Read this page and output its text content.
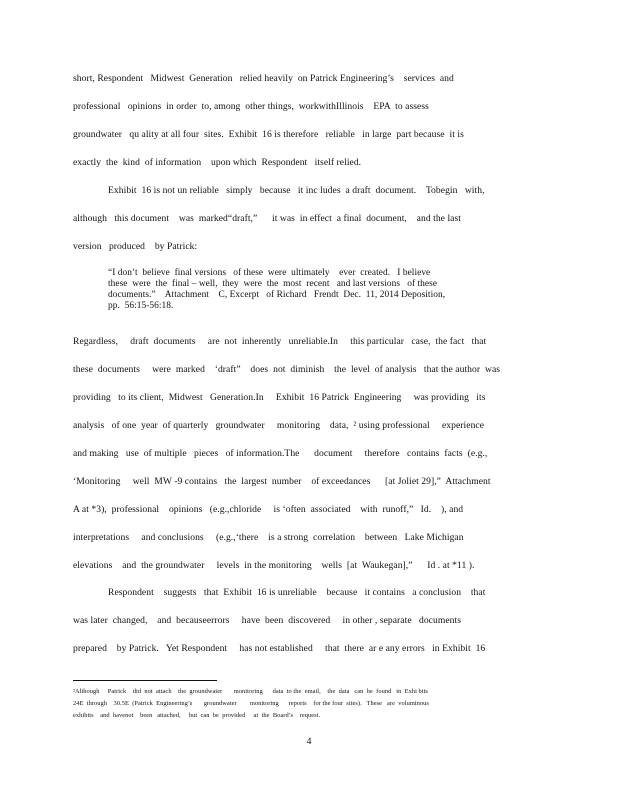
short, Respondent   Midwest  Generation   relied heavily  on Patrick Engineering’s    services  and
professional   opinions  in order  to, among  other things,  workwithIllinois    EPA  to assess
groundwater   qu ality at all four  sites.  Exhibit  16 is therefore   reliable   in large  part because  it is
exactly  the  kind  of information    upon which  Respondent   itself relied.
Exhibit  16 is not un reliable   simply   because   it inc ludes  a draft  document.    Tobegin   with,
although   this document    was  marked“draft,”      it was  in effect  a final  document,    and the last
version   produced    by Patrick:
“I don’t  believe  final versions   of these  were  ultimately    ever  created.   I believe
these  were  the  final – well,  they  were  the  most  recent   and last versions   of these
documents.”    Attachment    C, Excerpt   of Richard   Frendt  Dec.  11, 2014 Deposition,
pp.  56:15-56:18.
Regardless,     draft  documents     are  not  inherently   unreliable.In     this particular   case,  the fact   that
these  documents     were  marked    ‘draft”    does  not  diminish    the  level  of analysis   that the author  was
providing   to its client,  Midwest   Generation.In     Exhibit  16 Patrick  Engineering     was providing   its
analysis   of one  year  of quarterly   groundwater     monitoring    data,  ² using professional     experience
and making   use  of multiple   pieces   of information.The      document     therefore   contains  facts  (e.g.,
‘Monitoring     well  MW -9 contains   the  largest  number    of exceedances      [at Joliet 29],”  Attachment
A at *3),  professional    opinions   (e.g.,chloride     is ‘often  associated    with  runoff,”   Id.    ), and
interpretations     and conclusions     (e.g.,‘there    is a strong  correlation    between   Lake Michigan
elevations    and  the groundwater     levels  in the monitoring    wells  [at  Waukegan],”      Id . at *11 ).
Respondent    suggests   that  Exhibit  16 is unreliable    because   it contains   a conclusion    that
was later  changed,    and  becauseerrors     have  been  discovered     in other , separate   documents
prepared    by Patrick.   Yet Respondent     has not established     that  there  ar e any errors   in Exhibit  16
²Although     Patrick    did  not  attach    the  groundwater       monitoring      data  to the  email,    the  data   can  be  found   in  Exhi bits
24E  through    30.5E  (Patrick  Engineering’s       groundwater        monitoring      reports    for the four  sites).   These   are  voluminous
exhibits    and  havenot    been   attached,     but  can  be  provided     at  the  Board’s    request.
4
